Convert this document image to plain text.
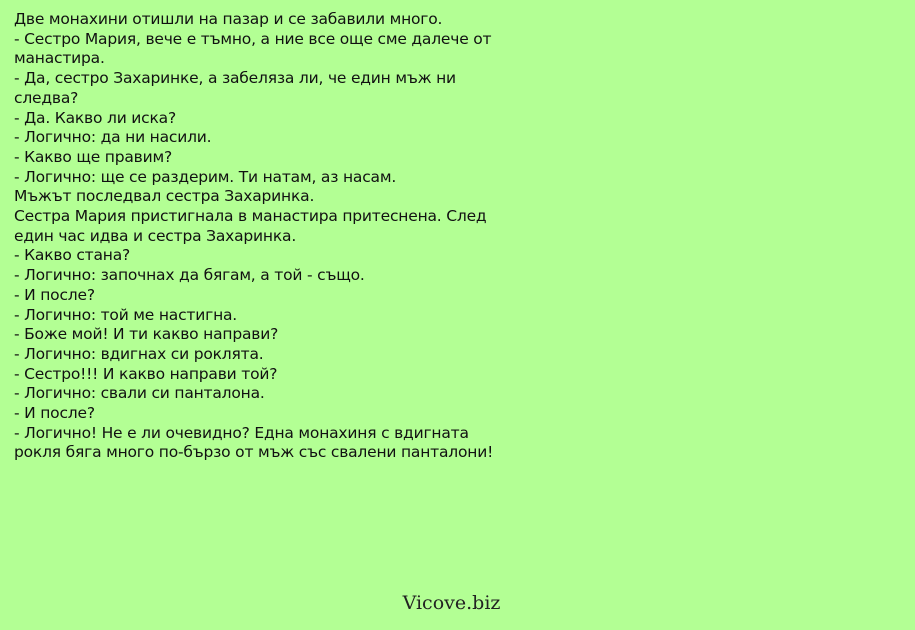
Две монахини отишли на пазар и се забавили много.
- Сестро Мария, вече е тъмно, а ние все още сме далече от
манастира.
- Да, сестро Захаринке, а забеляза ли, че един мъж ни
следва?
- Да. Какво ли иска?
- Логично: да ни насили.
- Какво ще правим?
- Логично: ще се раздерим. Ти натам, аз насам.
Мъжът последвал сестра Захаринка.
Сестра Мария пристигнала в манастира притеснена. След
един час идва и сестра Захаринка.
- Какво стана?
- Логично: започнах да бягам, а той - също.
- И после?
- Логично: той ме настигна.
- Боже мой! И ти какво направи?
- Логично: вдигнах си роклята.
- Сестро!!! И какво направи той?
- Логично: свали си панталона.
- И после?
- Логично! Не е ли очевидно? Една монахиня с вдигната
рокля бяга много по-бързо от мъж със свалени панталони!
Vicove.biz
